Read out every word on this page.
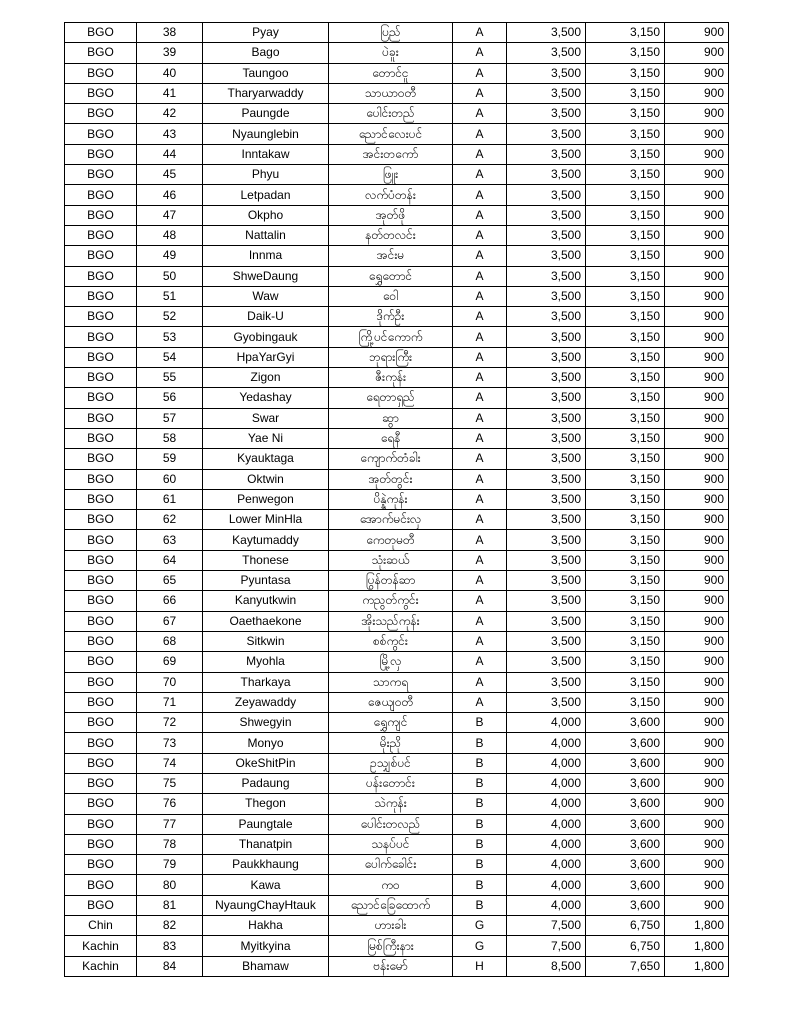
BGO	38	Pyay	ပြည်	A	3,500	3,150	900
BGO	39	Bago	ပဲခူး	A	3,500	3,150	900
BGO	40	Taungoo	တောင်ငူ	A	3,500	3,150	900
BGO	41	Tharyarwaddy	သာယာဝတီ	A	3,500	3,150	900
BGO	42	Paungde	ပေါင်းတည်	A	3,500	3,150	900
BGO	43	Nyaunglebin	ညောင်လေးပင်	A	3,500	3,150	900
BGO	44	Inntakaw	အင်းတကော်	A	3,500	3,150	900
BGO	45	Phyu	ဖြူး	A	3,500	3,150	900
BGO	46	Letpadan	လက်ပံတန်း	A	3,500	3,150	900
BGO	47	Okpho	အုတ်ဖို	A	3,500	3,150	900
BGO	48	Nattalin	နတ်တလင်း	A	3,500	3,150	900
BGO	49	Innma	အင်းမ	A	3,500	3,150	900
BGO	50	ShweDaung	ရွှေတောင်	A	3,500	3,150	900
BGO	51	Waw	ဝေါ	A	3,500	3,150	900
BGO	52	Daik-U	ဒိုက်ဦး	A	3,500	3,150	900
BGO	53	Gyobingauk	ကြို့ပင်ကောက်	A	3,500	3,150	900
BGO	54	HpaYarGyi	ဘုရားကြီး	A	3,500	3,150	900
BGO	55	Zigon	ဇီးကုန်း	A	3,500	3,150	900
BGO	56	Yedashay	ရေတာရှည်	A	3,500	3,150	900
BGO	57	Swar	ဆွာ	A	3,500	3,150	900
BGO	58	Yae Ni	ရေနီ	A	3,500	3,150	900
BGO	59	Kyauktaga	ကျောက်တံခါး	A	3,500	3,150	900
BGO	60	Oktwin	အုတ်တွင်း	A	3,500	3,150	900
BGO	61	Penwegon	ပိန္နဲကုန်း	A	3,500	3,150	900
BGO	62	Lower MinHla	အောက်မင်းလှ	A	3,500	3,150	900
BGO	63	Kaytumaddy	ကေတုမတီ	A	3,500	3,150	900
BGO	64	Thonese	သုံးဆယ်	A	3,500	3,150	900
BGO	65	Pyuntasa	ပြွန်တန်ဆာ	A	3,500	3,150	900
BGO	66	Kanyutkwin	ကညွတ်ကွင်း	A	3,500	3,150	900
BGO	67	Oaethaekone	အိုးသည်ကုန်း	A	3,500	3,150	900
BGO	68	Sitkwin	စစ်ကွင်း	A	3,500	3,150	900
BGO	69	Myohla	မြို့လှ	A	3,500	3,150	900
BGO	70	Tharkaya	သာကရ	A	3,500	3,150	900
BGO	71	Zeyawaddy	ဇေယျဝတီ	A	3,500	3,150	900
BGO	72	Shwegyin	ရွှေကျင်	B	4,000	3,600	900
BGO	73	Monyo	မိုးညို	B	4,000	3,600	900
BGO	74	OkeShitPin	ဥသျှစ်ပင်	B	4,000	3,600	900
BGO	75	Padaung	ပန်းတောင်း	B	4,000	3,600	900
BGO	76	Thegon	သဲကုန်း	B	4,000	3,600	900
BGO	77	Paungtale	ပေါင်းတလည်	B	4,000	3,600	900
BGO	78	Thanatpin	သနပ်ပင်	B	4,000	3,600	900
BGO	79	Paukkhaung	ပေါက်ခေါင်း	B	4,000	3,600	900
BGO	80	Kawa	ကဝ	B	4,000	3,600	900
BGO	81	NyaungChayHtauk	ညောင်ခြေထောက်	B	4,000	3,600	900
Chin	82	Hakha	ဟားခါး	G	7,500	6,750	1,800
Kachin	83	Myitkyina	မြစ်ကြီးနား	G	7,500	6,750	1,800
Kachin	84	Bhamaw	ဗန်းမော်	H	8,500	7,650	1,800
